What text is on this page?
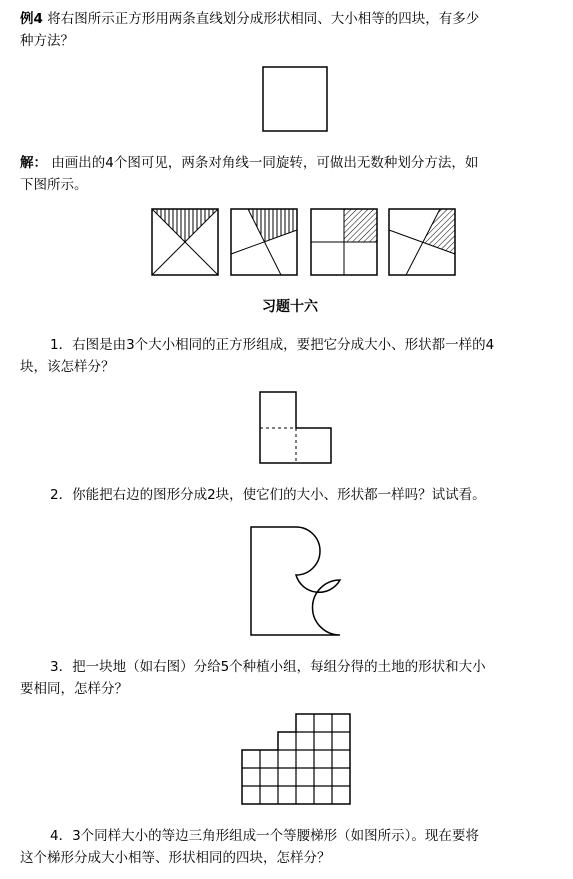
例4 将右图所示正方形用两条直线划分成形状相同、大小相等的四块，有多少
种方法？
解： 由画出的4个图可见，两条对角线一同旋转，可做出无数种划分方法，如
下图所示。
习题十六
1．右图是由3个大小相同的正方形组成，要把它分成大小、形状都一样的4
块，该怎样分？
2．你能把右边的图形分成2块，使它们的大小、形状都一样吗？试试看。
3．把一块地（如右图）分给5个种植小组，每组分得的土地的形状和大小
要相同，怎样分？
4．3个同样大小的等边三角形组成一个等腰梯形（如图所示）。现在要将
这个梯形分成大小相等、形状相同的四块，怎样分？
